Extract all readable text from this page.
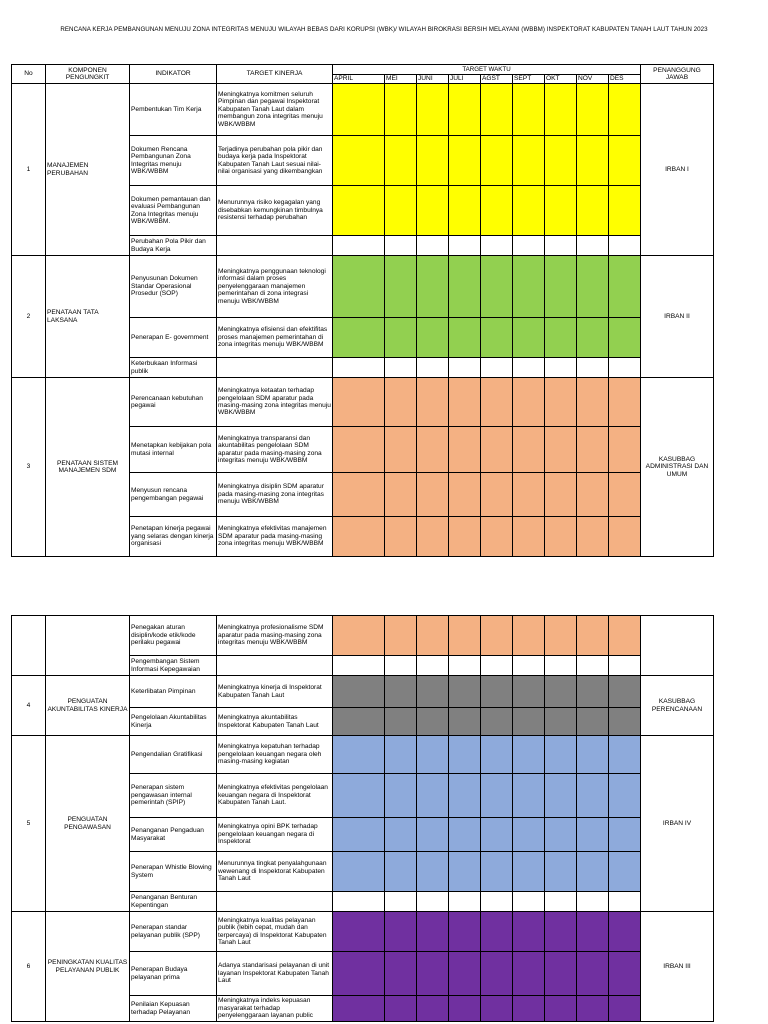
RENCANA KERJA PEMBANGUNAN MENUJU ZONA INTEGRITAS MENUJU WILAYAH BEBAS DARI KORUPSI (WBK)/ WILAYAH BIROKRASI BERSIH MELAYANI (WBBM) INSPEKTORAT KABUPATEN TANAH LAUT TAHUN 2023
No	KOMPONEN PENGUNGKIT	INDIKATOR	TARGET KINERJA	TARGET WAKTU									PENANGGUNG JAWAB
				APRIL	MEI	JUNI	JULI	AGST	SEPT	OKT	NOV	DES	
1	MANAJEMEN PERUBAHAN	Pembentukan Tim Kerja	Meningkatnya komitmen seluruh Pimpinan dan pegawai Inspektorat Kabupaten Tanah Laut dalam membangun zona integritas menuju WBK/WBBM										IRBAN I
		Dokumen Rencana Pembangunan Zona Integritas menuju WBK/WBBM	Terjadinya perubahan pola pikir dan budaya kerja pada Inspektorat Kabupaten Tanah Laut sesuai nilai-nilai organisasi yang dikembangkan										
		Dokumen pemantauan dan evaluasi Pembangunan Zona Integritas menuju WBK/WBBM.	Menurunnya risiko kegagalan yang disebabkan kemungkinan timbulnya resistensi terhadap perubahan										
		Perubahan Pola Pikir dan Budaya Kerja											
2	PENATAAN TATA LAKSANA	Penyusunan Dokumen Standar Operasional Prosedur (SOP)	Meningkatnya penggunaan teknologi informasi dalam proses penyelenggaraan manajemen pemerintahan di zona integrasi menuju WBK/WBBM										IRBAN II
		Penerapan E- government	Meningkatnya efisiensi dan efektifitas proses manajemen pemerintahan di zona integritas menuju WBK/WBBM										
		Keterbukaan Informasi publik											
3	PENATAAN SISTEM MANAJEMEN SDM	Perencanaan kebutuhan pegawai	Meningkatnya ketaatan terhadap pengelolaan SDM aparatur pada masing-masing zona integritas menuju WBK/WBBM										KASUBBAG ADMINISTRASI DAN UMUM
		Menetapkan kebijakan pola mutasi internal	Meningkatnya transparansi dan akuntabilitas pengelolaan SDM aparatur pada masing-masing zona integritas menuju WBK/WBBM										
		Menyusun rencana pengembangan pegawai	Meningkatnya disiplin SDM aparatur pada masing-masing zona integritas menuju WBK/WBBM										
		Penetapan kinerja pegawai yang selaras dengan kinerja organisasi	Meningkatnya efektivitas manajemen SDM aparatur pada masing-masing zona integritas menuju WBK/WBBM										
		Penegakan aturan disiplin/kode etik/kode perilaku pegawai	Meningkatnya profesionalisme SDM aparatur pada masing-masing zona integritas menuju WBK/WBBM										
		Pengembangan Sistem Informasi Kepegawaian											
4	PENGUATAN AKUNTABILITAS KINERJA	Keterlibatan Pimpinan	Meningkatnya kinerja di Inspektorat Kabupaten Tanah Laut										KASUBBAG PERENCANAAN
		Pengelolaan Akuntabilitas Kinerja	Meningkatnya akuntabilitas Inspektorat Kabupaten Tanah Laut										
5	PENGUATAN PENGAWASAN	Pengendalian Gratifikasi	Meningkatnya kepatuhan terhadap pengelolaan keuangan negara oleh masing-masing kegiatan										IRBAN IV
		Penerapan sistem pengawasan internal pemerintah (SPIP)	Meningkatnya efektivitas pengelolaan keuangan negara di Inspektorat Kabupaten Tanah Laut.										
		Penanganan Pengaduan Masyarakat	Meningkatnya opini BPK terhadap pengelolaan keuangan negara di Inspektorat										
		Penerapan Whistle Blowing System	Menurunnya tingkat penyalahgunaan wewenang di Inspektorat Kabupaten Tanah Laut										
		Penanganan Benturan Kepentingan											
6	PENINGKATAN KUALITAS PELAYANAN PUBLIK	Penerapan standar pelayanan publik (SPP)	Meningkatnya kualitas pelayanan publik (lebih cepat, mudah dan terpercaya) di Inspektorat Kabupaten Tanah Laut										IRBAN III
		Penerapan Budaya pelayanan prima	Adanya standarisasi pelayanan di unit layanan Inspektorat Kabupaten Tanah Laut										
		Penilaian Kepuasan terhadap Pelayanan	Meningkatnya indeks kepuasan masyarakat terhadap penyelenggaraan layanan public										
